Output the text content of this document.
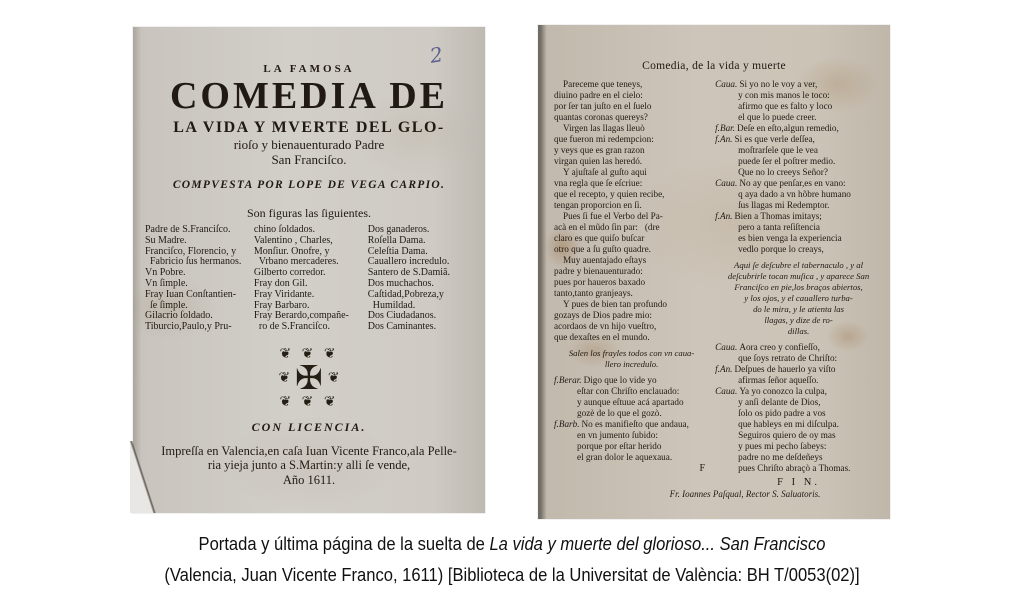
2
LA FAMOSA
COMEDIA DE
LA VIDA Y MVERTE DEL GLO-
rioſo y bienauenturado Padre
San Franciſco.
COMPVESTA POR LOPE DE VEGA CARPIO.
Son figuras las ſiguientes.
Padre de S.Franciſco.
Su Madre.
Franciſco, Florencio, y
Fabricio ſus hermanos.
Vn Pobre.
Vn ſimple.
Fray Iuan Conſtantien-
ſe ſimple.
Gilacrio ſoldado.
Tiburcio,Paulo,y Pru-
chino ſoldados.
Valentino , Charles,
Monſiur. Onofre, y
Vrbano mercaderes.
Gilberto corredor.
Fray don Gil.
Fray Viridante.
Fray Barbaro.
Fray Berardo,compañe-
ro de S.Franciſco.
Dos ganaderos.
Roſella Dama.
Celeſtia Dama.
Cauallero incredulo.
Santero de S.Damiã.
Dos muchachos.
Caſtidad,Pobreza,y
Humildad.
Dos Ciudadanos.
Dos Caminantes.
❦ ❦ ❦
❦ ✠ ❦
❦ ❦ ❦
CON LICENCIA.
Impreſſa en Valencia,en caſa Iuan Vicente Franco,ala Pelle-
ria yieja junto a S.Martin:y alli ſe vende,
Año 1611.
Comedia, de la vida y muerte
Pareceme que teneys,
diuino padre en el cielo:
por ſer tan juſto en el ſuelo
quantas coronas quereys?
Virgen las llagas lleuò
que fueron mi redempcion:
y veys que es gran razon
virgan quien las heredó.
Y ajuſtaſe al guſto aqui
vna regla que ſe eſcriue:
que el recepto, y quien recibe,
tengan proporcion en ſi.
Pues ſi fue el Verbo del Pa-
acà en el mũdo ſin par:   (dre
claro es que quiſo buſcar
otro que a ſu guſto quadre.
Muy auentajado eſtays
padre y bienauenturado:
pues por haueros baxado
tanto,tanto granjeays.
Y pues de bien tan profundo
gozays de Dios padre mio:
acordaos de vn hijo vueſtro,
que dexaſtes en el mundo.
Salen los frayles todos con vn caua-
llero incredulo.
f.Berar. Digo que lo vide yo
eſtar con Chriſto enclauado:
y aunque eſtuue acá apartado
gozè de lo que el gozò.
f.Barb. No es manifieſto que andaua,
en vn jumento ſubido:
porque por eſtar herido
el gran dolor le aquexaua.
F
Caua. Si yo no le voy a ver,
y con mis manos le toco:
afirmo que es falto y loco
el que lo puede creer.
f.Bar. Deſe en eſto,algun remedio,
f.An. Si es que verle deſſea,
moſtrarſele que le vea
puede ſer el poſtrer medio.
Que no lo creeys Señor?
Caua. No ay que penſar,es en vano:
q aya dado a vn hõbre humano
ſus llagas mi Redemptor.
f.An. Bien a Thomas imitays;
pero a tanta reſiſtencia
es bien venga la experiencia
vedlo porque lo creays,
Aqui ſe deſcubre el tabernaculo , y al
deſcubrirle tocan muſica , y aparece San
Franciſco en pie,los braços abiertos,
y los ojos, y el cauallero turba-
do le mira, y le atienta las
llagas, y dize de ro-
dillas.
Caua. Aora creo y confieſſo,
que ſoys retrato de Chriſto:
f.An. Deſpues de hauerlo ya viſto
afirmas ſeñor aqueſſo.
Caua. Ya yo conozco la culpa,
y anſi delante de Dios,
ſolo os pido padre a vos
que hableys en mi diſculpa.
Seguiros quiero de oy mas
y pues mi pecho ſabeys:
padre no me deſdeñeys
pues Chriſto abraçò a Thomas.
F I N.
Fr. Ioannes Paſqual, Rector S. Saluatoris.
Portada y última página de la suelta de La vida y muerte del glorioso... San Francisco
(Valencia, Juan Vicente Franco, 1611) [Biblioteca de la Universitat de València: BH T/0053(02)]
